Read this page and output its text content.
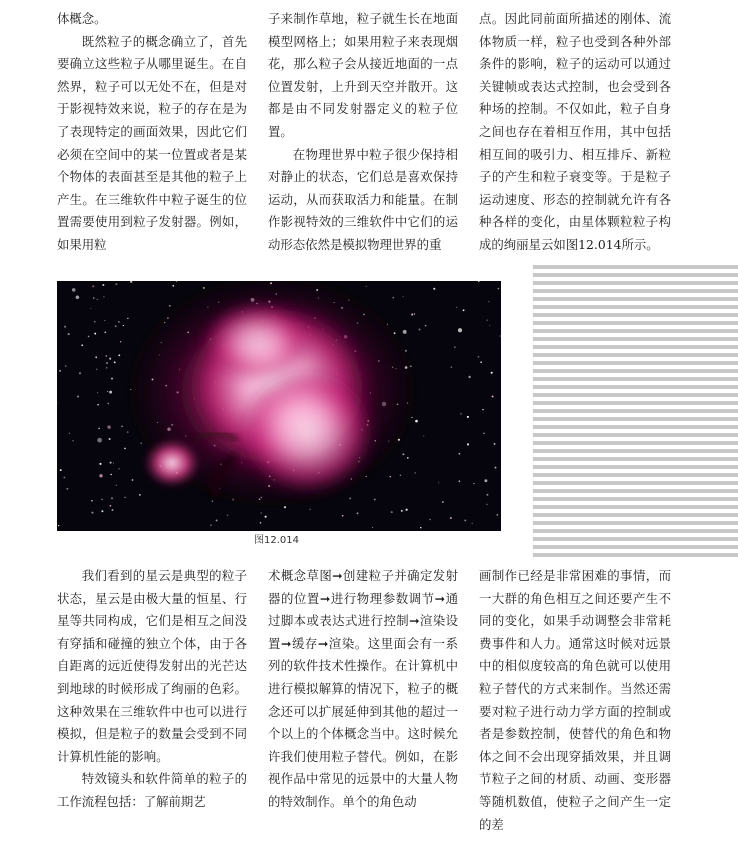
体概念。

既然粒子的概念确立了，首先要确立这些粒子从哪里诞生。在自然界，粒子可以无处不在，但是对于影视特效来说，粒子的存在是为了表现特定的画面效果，因此它们必须在空间中的某一位置或者是某个物体的表面甚至是其他的粒子上产生。在三维软件中粒子诞生的位置需要使用到粒子发射器。例如，如果用粒

子来制作草地，粒子就生长在地面模型网格上；如果用粒子来表现烟花，那么粒子会从接近地面的一点位置发射，上升到天空并散开。这都是由不同发射器定义的粒子位置。

在物理世界中粒子很少保持相对静止的状态，它们总是喜欢保持运动，从而获取活力和能量。在制作影视特效的三维软件中它们的运动形态依然是模拟物理世界的重

点。因此同前面所描述的刚体、流体物质一样，粒子也受到各种外部条件的影响，粒子的运动可以通过关键帧或表达式控制，也会受到各种场的控制。不仅如此，粒子自身之间也存在着相互作用，其中包括相互间的吸引力、相互排斥、新粒子的产生和粒子衰变等。于是粒子运动速度、形态的控制就允许有各种各样的变化，由星体颗粒粒子构成的绚丽星云如图12.014所示。

图12.014

我们看到的星云是典型的粒子状态，星云是由极大量的恒星、行星等共同构成，它们是相互之间没有穿插和碰撞的独立个体，由于各自距离的远近使得发射出的光芒达到地球的时候形成了绚丽的色彩。这种效果在三维软件中也可以进行模拟，但是粒子的数量会受到不同计算机性能的影响。

特效镜头和软件简单的粒子的工作流程包括：了解前期艺

术概念草图➞创建粒子并确定发射器的位置➞进行物理参数调节➞通过脚本或表达式进行控制➞渲染设置➞缓存➞渲染。这里面会有一系列的软件技术性操作。在计算机中进行模拟解算的情况下，粒子的概念还可以扩展延伸到其他的超过一个以上的个体概念当中。这时候允许我们使用粒子替代。例如，在影视作品中常见的远景中的大量人物的特效制作。单个的角色动

画制作已经是非常困难的事情，而一大群的角色相互之间还要产生不同的变化，如果手动调整会非常耗费事件和人力。通常这时候对远景中的相似度较高的角色就可以使用粒子替代的方式来制作。当然还需要对粒子进行动力学方面的控制或者是参数控制，使替代的角色和物体之间不会出现穿插效果，并且调节粒子之间的材质、动画、变形器等随机数值，使粒子之间产生一定的差
